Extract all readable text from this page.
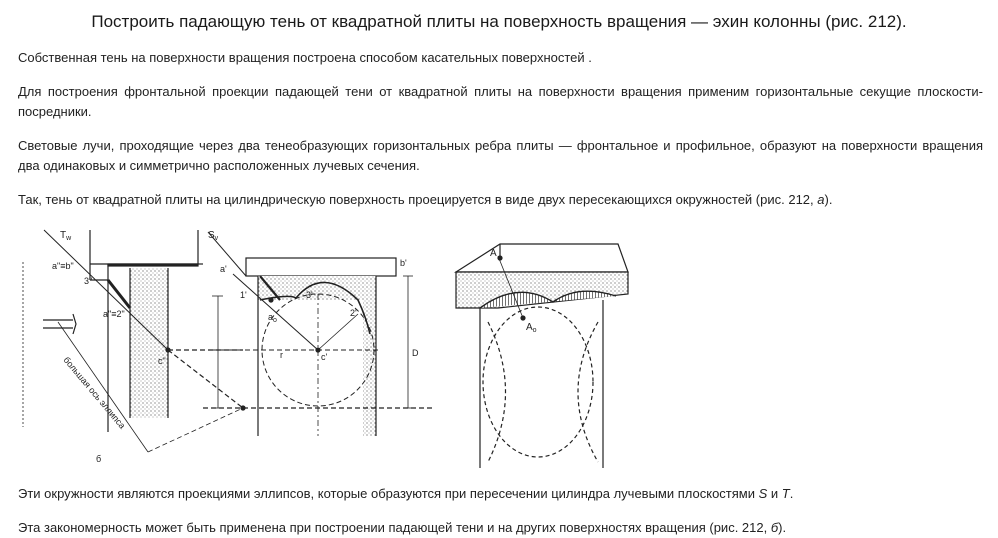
Построить падающую тень от квадратной плиты на поверхность вращения — эхин колонны (рис. 212).
Собственная тень на поверхности вращения построена способом касательных поверхностей .
Для построения фронтальной проекции падающей тени от квадратной плиты на поверхности вращения применим горизонтальные секущие плоскости-посредники.
Световые лучи, проходящие через два тенеобразующих горизонтальных ребра плиты — фронтальное и профильное, образуют на поверхности вращения два одинаковых и симметрично расположенных лучевых сечения.
Так, тень от квадратной плиты на цилиндрическую поверхность проецируется в виде двух пересекающихся окружностей (рис. 212, а).
$T_w$
a"≡b"
3"
a"≡2"
c"
большая ось эллипса
б
$S_v$
a'
b'
1'	3'
2'
$a_o$
r	c'	D
A
$A_o$
Эти окружности являются проекциями эллипсов, которые образуются при пересечении цилиндра лучевыми плоскостями S и T.
Эта закономерность может быть применена при построении падающей тени и на других поверхностях вращения (рис. 212, б).
